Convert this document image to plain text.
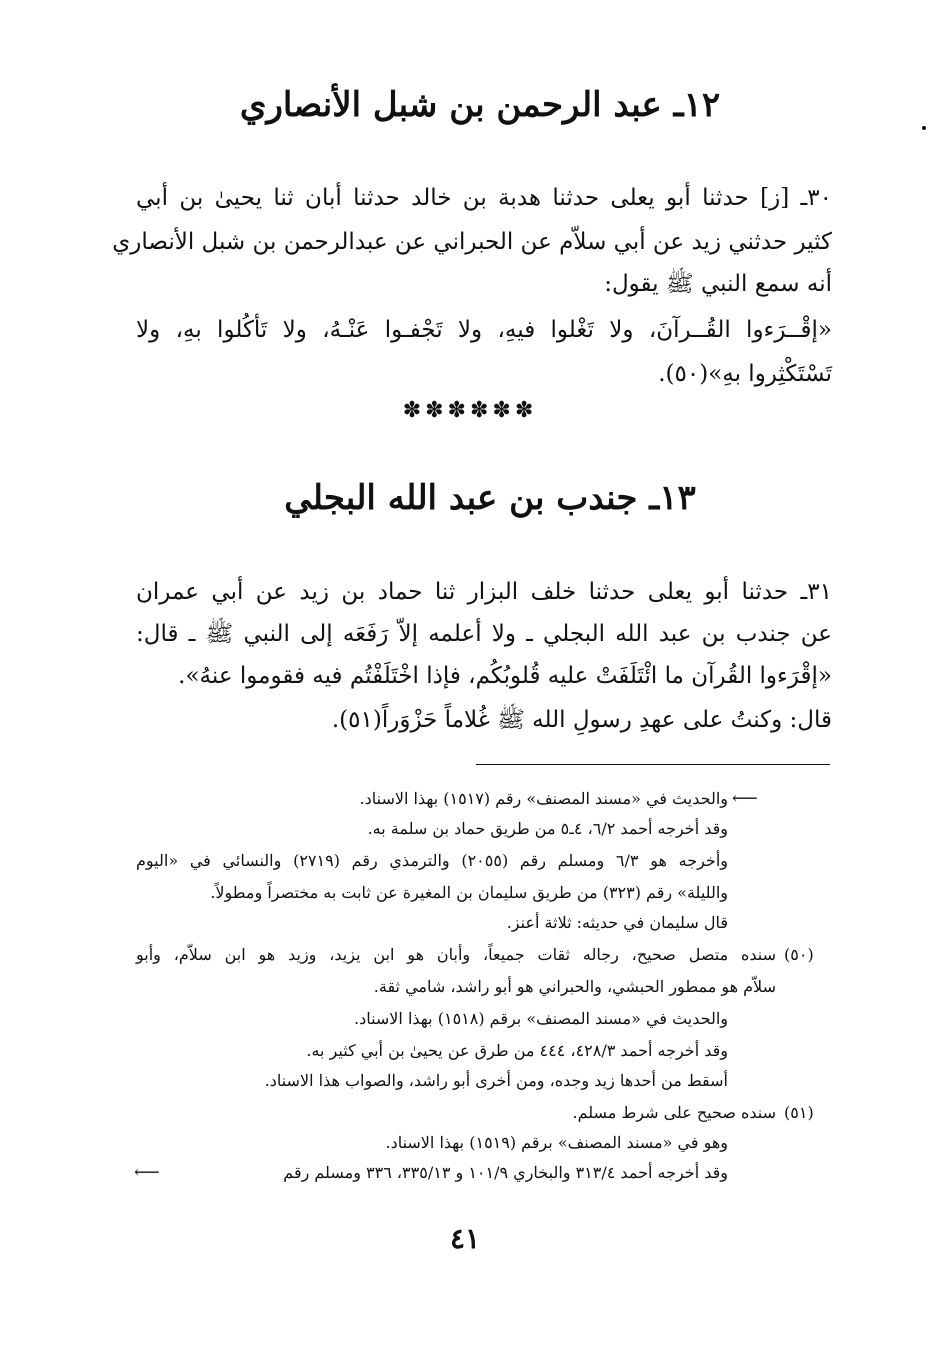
١٢ـ عبد الرحمن بن شبل الأنصاري
٣٠ـ [ز] حدثنا أبو يعلى حدثنا هدبة بن خالد حدثنا أبان ثنا يحيىٰ بن أبي
كثير حدثني زيد عن أبي سلاّم عن الحبراني عن عبدالرحمن بن شبل الأنصاري
أنه سمع النبي ﷺ يقول:
«إقْــرَءوا القُــرآنَ، ولا تَغْلوا فيهِ، ولا تَجْفـوا عَنْـهُ، ولا تَأكُلوا بهِ، ولا
تَسْتَكْثِروا بهِ»(٥٠).
✽✽✽✽✽✽
١٣ـ جندب بن عبد الله البجلي
٣١ـ حدثنا أبو يعلى حدثنا خلف البزار ثنا حماد بن زيد عن أبي عمران
عن جندب بن عبد الله البجلي ـ ولا أعلمه إلاّ رَفَعَه إلى النبي ﷺ ـ قال:
«إقْرَءوا القُرآن ما ائْتَلَفَتْ عليه قُلوبُكُم، فإذا اخْتَلَفْتُم فيه فقوموا عنهُ».
قال: وكنتُ على عهدِ رسولِ الله ﷺ غُلاماً حَزْوَراً(٥١).
⟵
والحديث في «مسند المصنف» رقم (١٥١٧) بهذا الاسناد.
وقد أخرجه أحمد ٦/٢، ٤ـ٥ من طريق حماد بن سلمة به.
وأخرجه هو ٦/٣ ومسلم رقم (٢٠٥٥) والترمذي رقم (٢٧١٩) والنسائي في «اليوم
والليلة» رقم (٣٢٣) من طريق سليمان بن المغيرة عن ثابت به مختصراً ومطولاً.
قال سليمان في حديثه: ثلاثة أعنز.
(٥٠)
سنده متصل صحيح، رجاله ثقات جميعاً، وأبان هو ابن يزيد، وزيد هو ابن سلاّم، وأبو
سلاّم هو ممطور الحبشي، والحبراني هو أبو راشد، شامي ثقة.
والحديث في «مسند المصنف» برقم (١٥١٨) بهذا الاسناد.
وقد أخرجه أحمد ٤٢٨/٣، ٤٤٤ من طرق عن يحيىٰ بن أبي كثير به.
أسقط من أحدها زيد وجده، ومن أخرى أبو راشد، والصواب هذا الاسناد.
(٥١)
سنده صحيح على شرط مسلم.
وهو في «مسند المصنف» برقم (١٥١٩) بهذا الاسناد.
وقد أخرجه أحمد ٣١٣/٤ والبخاري ١٠١/٩ و ٣٣٥/١٣، ٣٣٦ ومسلم رقم
⟵
٤١
